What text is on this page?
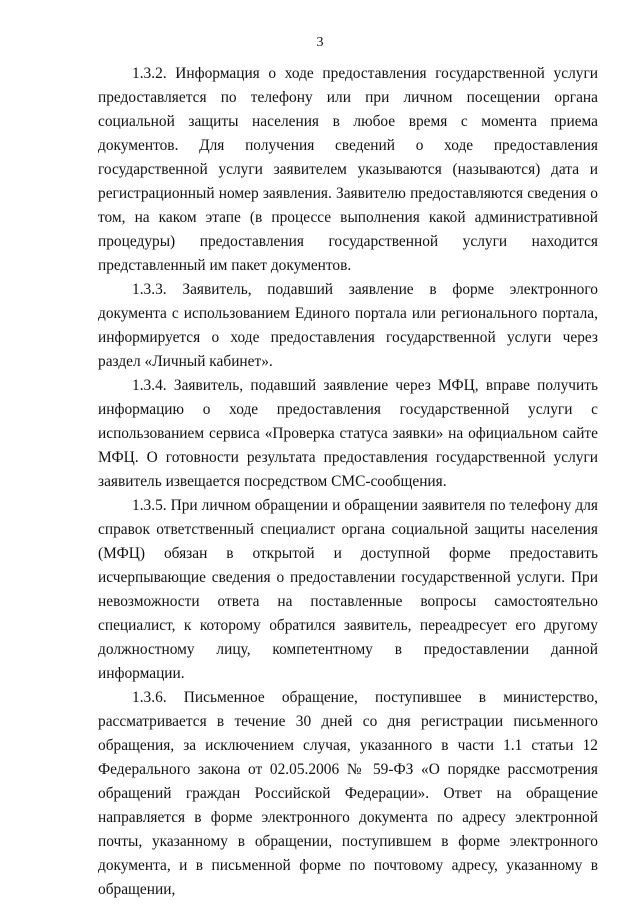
3

1.3.2. Информация о ходе предоставления государственной услуги предоставляется по телефону или при личном посещении органа социальной защиты населения в любое время с момента приема документов. Для получения сведений о ходе предоставления государственной услуги заявителем указываются (называются) дата и регистрационный номер заявления. Заявителю предоставляются сведения о том, на каком этапе (в процессе выполнения какой административной процедуры) предоставления государственной услуги находится представленный им пакет документов.

1.3.3. Заявитель, подавший заявление в форме электронного документа с использованием Единого портала или регионального портала, информируется о ходе предоставления государственной услуги через раздел «Личный кабинет».

1.3.4. Заявитель, подавший заявление через МФЦ, вправе получить информацию о ходе предоставления государственной услуги с использованием сервиса «Проверка статуса заявки» на официальном сайте МФЦ. О готовности результата предоставления государственной услуги заявитель извещается посредством СМС-сообщения.

1.3.5. При личном обращении и обращении заявителя по телефону для справок ответственный специалист органа социальной защиты населения (МФЦ) обязан в открытой и доступной форме предоставить исчерпывающие сведения о предоставлении государственной услуги. При невозможности ответа на поставленные вопросы самостоятельно специалист, к которому обратился заявитель, переадресует его другому должностному лицу, компетентному в предоставлении данной информации.

1.3.6. Письменное обращение, поступившее в министерство, рассматривается в течение 30 дней со дня регистрации письменного обращения, за исключением случая, указанного в части 1.1 статьи 12 Федерального закона от 02.05.2006 № 59-ФЗ «О порядке рассмотрения обращений граждан Российской Федерации». Ответ на обращение направляется в форме электронного документа по адресу электронной почты, указанному в обращении, поступившем в форме электронного документа, и в письменной форме по почтовому адресу, указанному в обращении,
